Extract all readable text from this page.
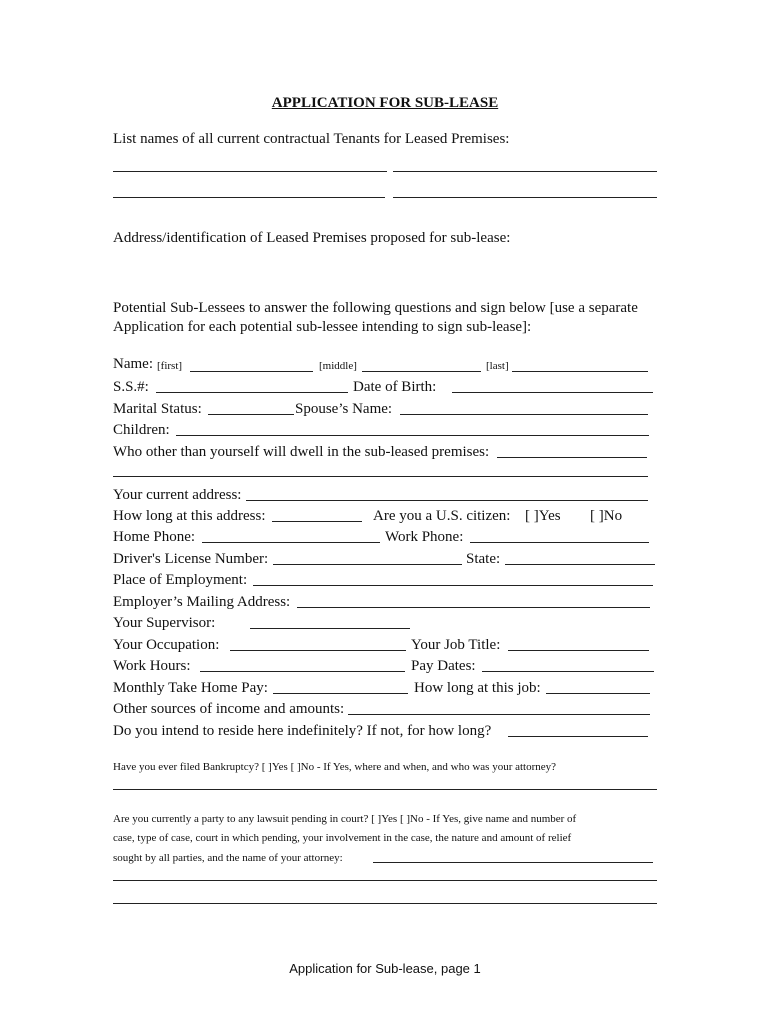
APPLICATION FOR SUB-LEASE
List names of all current contractual Tenants for Leased Premises:
Address/identification of Leased Premises proposed for sub-lease:
Potential Sub-Lessees to answer the following questions and sign below [use a separate
Application for each potential sub-lessee intending to sign sub-lease]:
Name: [first]	[middle]	[last]
S.S.#:	Date of Birth:
Marital Status:	Spouse’s Name:
Children:
Who other than yourself will dwell in the sub-leased premises:
Your current address:
How long at this address:	Are you a U.S. citizen: [ ]Yes [ ]No
Home Phone:	Work Phone:
Driver's License Number:	State:
Place of Employment:
Employer’s Mailing Address:
Your Supervisor:
Your Occupation:	Your Job Title:
Work Hours:	Pay Dates:
Monthly Take Home Pay:	How long at this job:
Other sources of income and amounts:
Do you intend to reside here indefinitely? If not, for how long?
Have you ever filed Bankruptcy? [ ]Yes [ ]No - If Yes, where and when, and who was your attorney?
Are you currently a party to any lawsuit pending in court? [ ]Yes [ ]No - If Yes, give name and number of
case, type of case, court in which pending, your involvement in the case, the nature and amount of relief
sought by all parties, and the name of your attorney:
Application for Sub-lease, page 1
